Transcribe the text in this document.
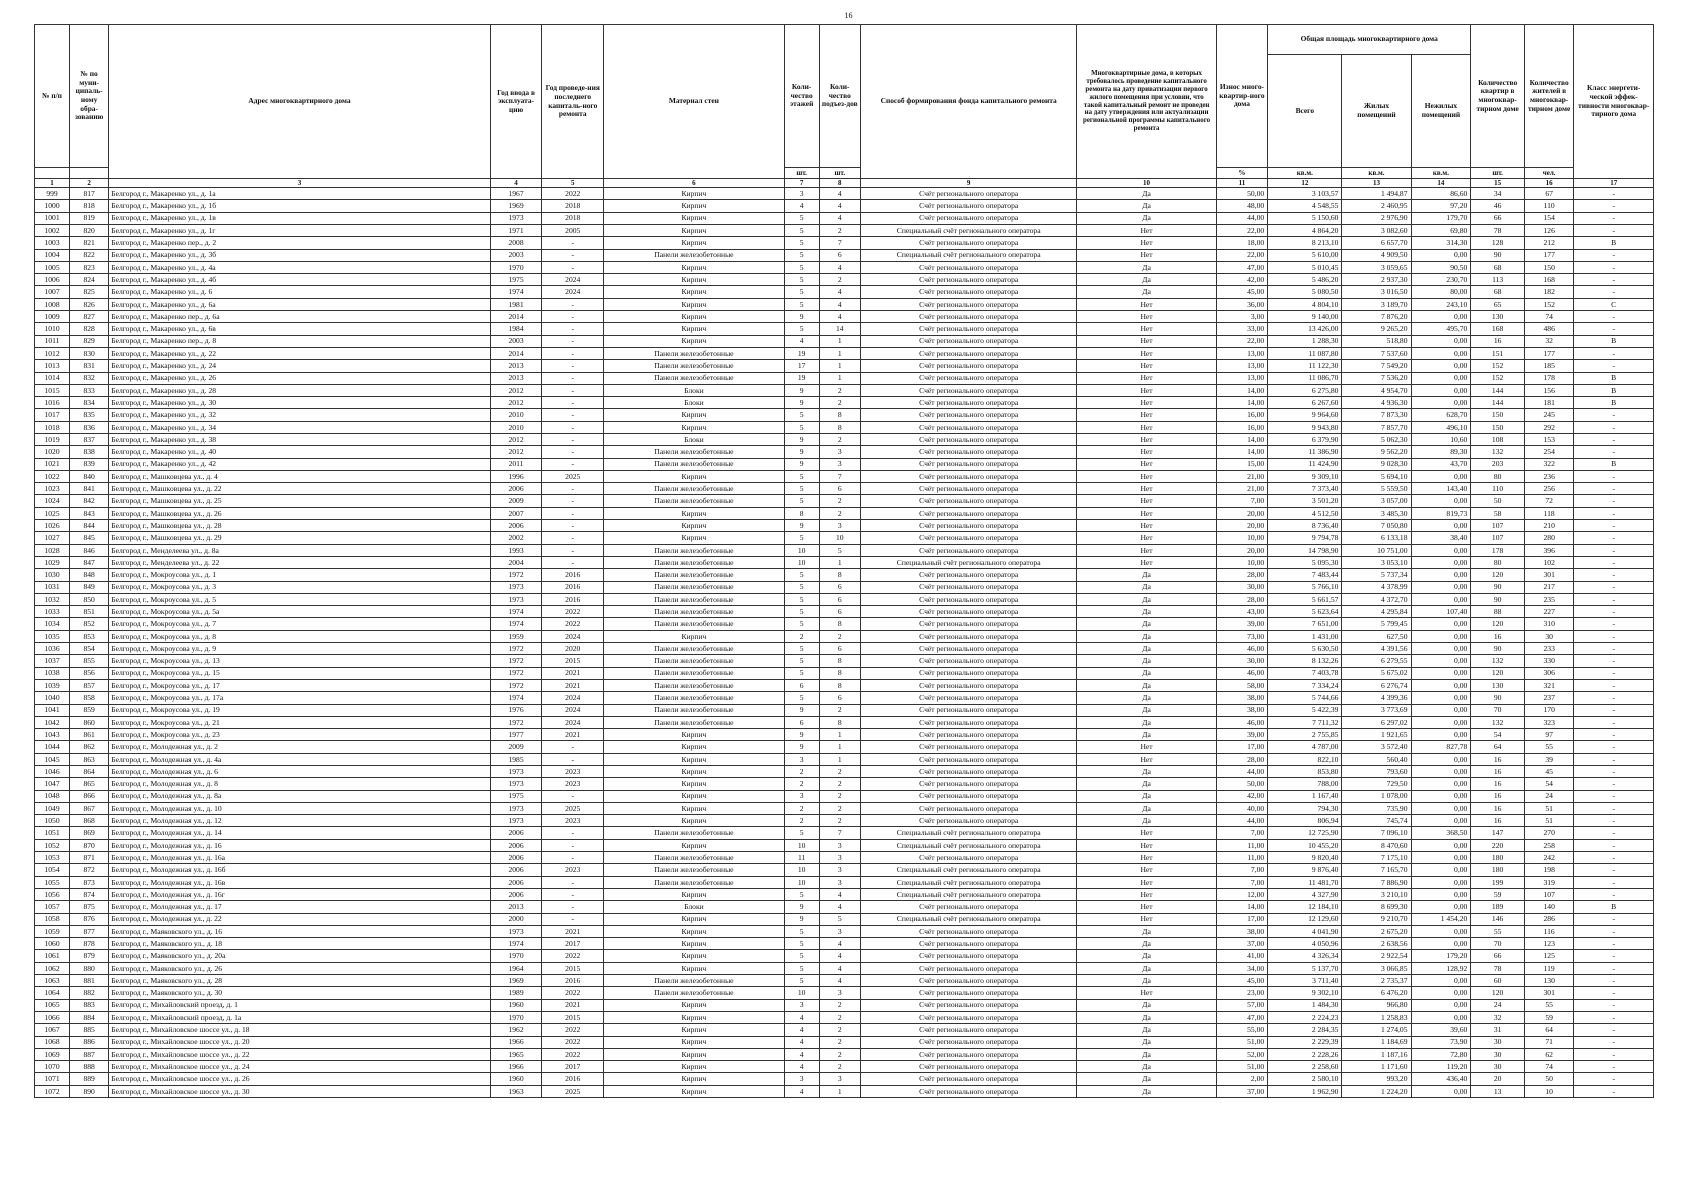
16
№ п/п	№ по муни-ципаль-ному обра-зованию	Адрес многоквартирного дома	Год ввода в эксплуата-цию	Год проведе-ния последнего капиталь-ного ремонта	Материал стен	Коли-чество этажей	Коли-чество подъез-дов	Способ формирования фонда капитального ремонта	Многоквартирные дома, в которых требовалось проведение капитального ремонта на дату приватизации первого жилого помещения при условии, что такой капитальный ремонт не проведен на дату утверждения или актуализации региональной программы капитального ремонта	Износ много-квартир-ного дома	Общая площадь многоквартирного дома			Количество квартир в многоквар-тирном доме	Количество жителей в многоквар-тирном доме	Класс энергети-ческой эффек-тивности многоквар-тирного дома
											Всего	Жилых помещений	Нежилых помещений			
						шт.	шт.			%	кв.м.	кв.м.	кв.м.	шт.	чел.	
1	2	3	4	5	6	7	8	9	10	11	12	13	14	15	16	17
999	817	Белгород г., Макаренко ул., д. 1а	1967	2022	Кирпич	3	4	Счёт регионального оператора	Да	50,00	3 103,57	1 494,87	86,60	34	67	-
1000	818	Белгород г., Макаренко ул., д. 1б	1969	2018	Кирпич	4	4	Счёт регионального оператора	Да	48,00	4 548,55	2 460,95	97,20	46	110	-
1001	819	Белгород г., Макаренко ул., д. 1в	1973	2018	Кирпич	5	4	Счёт регионального оператора	Да	44,00	5 150,60	2 976,90	179,70	66	154	-
1002	820	Белгород г., Макаренко ул., д. 1г	1971	2005	Кирпич	5	2	Специальный счёт регионального оператора	Нет	22,00	4 864,20	3 082,60	69,80	78	126	-
1003	821	Белгород г., Макаренко пер., д. 2	2008	-	Кирпич	5	7	Счёт регионального оператора	Нет	18,00	8 213,10	6 657,70	314,30	128	212	B
1004	822	Белгород г., Макаренко ул., д. 3б	2003	-	Панели железобетонные	5	6	Специальный счёт регионального оператора	Нет	22,00	5 610,00	4 909,50	0,00	90	177	-
1005	823	Белгород г., Макаренко ул., д. 4а	1970	-	Кирпич	5	4	Счёт регионального оператора	Да	47,00	5 010,45	3 059,65	90,50	68	150	-
1006	824	Белгород г., Макаренко ул., д. 4б	1975	2024	Кирпич	5	2	Счёт регионального оператора	Да	42,00	5 486,20	2 937,30	230,70	113	168	-
1007	825	Белгород г., Макаренко ул., д. 6	1974	2024	Кирпич	5	4	Счёт регионального оператора	Да	45,00	5 080,50	3 016,50	80,00	68	182	-
1008	826	Белгород г., Макаренко ул., д. 6а	1981	-	Кирпич	5	4	Счёт регионального оператора	Нет	36,00	4 804,10	3 189,70	243,10	65	152	С
1009	827	Белгород г., Макаренко пер., д. 6а	2014	-	Кирпич	9	4	Счёт регионального оператора	Нет	3,00	9 140,00	7 876,20	0,00	130	74	-
1010	828	Белгород г., Макаренко ул., д. 6в	1984	-	Кирпич	5	14	Счёт регионального оператора	Нет	33,00	13 426,00	9 265,20	495,70	168	486	-
1011	829	Белгород г., Макаренко пер., д. 8	2003	-	Кирпич	4	1	Счёт регионального оператора	Нет	22,00	1 288,30	518,80	0,00	16	32	B
1012	830	Белгород г., Макаренко ул., д. 22	2014	-	Панели железобетонные	19	1	Счёт регионального оператора	Нет	13,00	11 087,80	7 537,60	0,00	151	177	-
1013	831	Белгород г., Макаренко ул., д. 24	2013	-	Панели железобетонные	17	1	Счёт регионального оператора	Нет	13,00	11 122,30	7 549,20	0,00	152	185	-
1014	832	Белгород г., Макаренко ул., д. 26	2013	-	Панели железобетонные	19	1	Счёт регионального оператора	Нет	13,00	11 086,70	7 536,20	0,00	152	178	B
1015	833	Белгород г., Макаренко ул., д. 28	2012	-	Блоки	9	2	Счёт регионального оператора	Нет	14,00	6 275,80	4 954,70	0,00	144	156	B
1016	834	Белгород г., Макаренко ул., д. 30	2012	-	Блоки	9	2	Счёт регионального оператора	Нет	14,00	6 267,60	4 936,30	0,00	144	181	B
1017	835	Белгород г., Макаренко ул., д. 32	2010	-	Кирпич	5	8	Счёт регионального оператора	Нет	16,00	9 964,60	7 873,30	628,70	150	245	-
1018	836	Белгород г., Макаренко ул., д. 34	2010	-	Кирпич	5	8	Счёт регионального оператора	Нет	16,00	9 943,80	7 857,70	496,10	150	292	-
1019	837	Белгород г., Макаренко ул., д. 38	2012	-	Блоки	9	2	Счёт регионального оператора	Нет	14,00	6 379,90	5 062,30	10,60	108	153	-
1020	838	Белгород г., Макаренко ул., д. 40	2012	-	Панели железобетонные	9	3	Счёт регионального оператора	Нет	14,00	11 386,90	9 562,20	89,30	132	254	-
1021	839	Белгород г., Макаренко ул., д. 42	2011	-	Панели железобетонные	9	3	Счёт регионального оператора	Нет	15,00	11 424,90	9 028,30	43,70	203	322	B
1022	840	Белгород г., Машковцева ул., д. 4	1996	2025	Кирпич	5	7	Счёт регионального оператора	Нет	21,00	9 309,10	5 694,10	0,00	80	236	-
1023	841	Белгород г., Машковцева ул., д. 22	2006	-	Панели железобетонные	5	6	Счёт регионального оператора	Нет	21,00	7 373,40	5 559,50	143,40	110	256	-
1024	842	Белгород г., Машковцева ул., д. 25	2009	-	Панели железобетонные	5	2	Счёт регионального оператора	Нет	7,00	3 501,20	3 057,00	0,00	50	72	-
1025	843	Белгород г., Машковцева ул., д. 26	2007	-	Кирпич	8	2	Счёт регионального оператора	Нет	20,00	4 512,50	3 485,30	819,73	58	118	-
1026	844	Белгород г., Машковцева ул., д. 28	2006	-	Кирпич	9	3	Счёт регионального оператора	Нет	20,00	8 736,40	7 050,80	0,00	107	210	-
1027	845	Белгород г., Машковцева ул., д. 29	2002	-	Кирпич	5	10	Счёт регионального оператора	Нет	10,00	9 794,78	6 133,18	38,40	107	280	-
1028	846	Белгород г., Менделеева ул., д. 8а	1993	-	Панели железобетонные	10	5	Счёт регионального оператора	Нет	20,00	14 798,90	10 751,00	0,00	178	396	-
1029	847	Белгород г., Менделеева ул., д. 22	2004	-	Панели железобетонные	10	1	Специальный счёт регионального оператора	Нет	10,00	5 095,30	3 053,10	0,00	80	102	-
1030	848	Белгород г., Мокроусова ул., д. 1	1972	2016	Панели железобетонные	5	8	Счёт регионального оператора	Да	28,00	7 483,44	5 737,34	0,00	120	301	-
1031	849	Белгород г., Мокроусова ул., д. 3	1973	2016	Панели железобетонные	5	6	Счёт регионального оператора	Да	30,00	5 766,10	4 378,99	0,00	90	217	-
1032	850	Белгород г., Мокроусова ул., д. 5	1973	2016	Панели железобетонные	5	6	Счёт регионального оператора	Да	28,00	5 661,57	4 372,70	0,00	90	235	-
1033	851	Белгород г., Мокроусова ул., д. 5а	1974	2022	Панели железобетонные	5	6	Счёт регионального оператора	Да	43,00	5 623,64	4 295,84	107,40	88	227	-
1034	852	Белгород г., Мокроусова ул., д. 7	1974	2022	Панели железобетонные	5	8	Счёт регионального оператора	Да	39,00	7 651,00	5 799,45	0,00	120	310	-
1035	853	Белгород г., Мокроусова ул., д. 8	1959	2024	Кирпич	2	2	Счёт регионального оператора	Да	73,00	1 431,00	627,50	0,00	16	30	-
1036	854	Белгород г., Мокроусова ул., д. 9	1972	2020	Панели железобетонные	5	6	Счёт регионального оператора	Да	46,00	5 630,50	4 391,56	0,00	90	233	-
1037	855	Белгород г., Мокроусова ул., д. 13	1972	2015	Панели железобетонные	5	8	Счёт регионального оператора	Да	30,00	8 132,26	6 279,55	0,00	132	330	-
1038	856	Белгород г., Мокроусова ул., д. 15	1972	2021	Панели железобетонные	5	8	Счёт регионального оператора	Да	46,00	7 403,78	5 675,02	0,00	120	306	-
1039	857	Белгород г., Мокроусова ул., д. 17	1972	2021	Панели железобетонные	6	8	Счёт регионального оператора	Да	58,00	7 334,24	6 276,74	0,00	130	321	-
1040	858	Белгород г., Мокроусова ул., д. 17а	1974	2024	Панели железобетонные	5	6	Счёт регионального оператора	Да	38,00	5 744,66	4 399,36	0,00	90	237	-
1041	859	Белгород г., Мокроусова ул., д. 19	1976	2024	Панели железобетонные	9	2	Счёт регионального оператора	Да	38,00	5 422,39	3 773,69	0,00	70	170	-
1042	860	Белгород г., Мокроусова ул., д. 21	1972	2024	Панели железобетонные	6	8	Счёт регионального оператора	Да	46,00	7 711,32	6 297,02	0,00	132	323	-
1043	861	Белгород г., Мокроусова ул., д. 23	1977	2021	Кирпич	9	1	Счёт регионального оператора	Да	39,00	2 755,85	1 921,65	0,00	54	97	-
1044	862	Белгород г., Молодежная ул., д. 2	2009	-	Кирпич	9	1	Счёт регионального оператора	Нет	17,00	4 787,00	3 572,40	827,78	64	55	-
1045	863	Белгород г., Молодежная ул., д. 4а	1985	-	Кирпич	3	1	Счёт регионального оператора	Нет	28,00	822,10	560,40	0,00	16	39	-
1046	864	Белгород г., Молодежная ул., д. 6	1973	2023	Кирпич	2	2	Счёт регионального оператора	Да	44,00	853,80	793,60	0,00	16	45	-
1047	865	Белгород г., Молодежная ул., д. 8	1973	2023	Кирпич	2	2	Счёт регионального оператора	Да	50,00	788,00	729,50	0,00	16	54	-
1048	866	Белгород г., Молодежная ул., д. 8а	1975	-	Кирпич	3	2	Счёт регионального оператора	Да	42,00	1 167,40	1 078,00	0,00	16	24	-
1049	867	Белгород г., Молодежная ул., д. 10	1973	2025	Кирпич	2	2	Счёт регионального оператора	Да	40,00	794,30	735,90	0,00	16	51	-
1050	868	Белгород г., Молодежная ул., д. 12	1973	2023	Кирпич	2	2	Счёт регионального оператора	Да	44,00	806,94	745,74	0,00	16	51	-
1051	869	Белгород г., Молодежная ул., д. 14	2006	-	Панели железобетонные	5	7	Специальный счёт регионального оператора	Нет	7,00	12 725,90	7 096,10	368,50	147	270	-
1052	870	Белгород г., Молодежная ул., д. 16	2006	-	Кирпич	10	3	Специальный счёт регионального оператора	Нет	11,00	10 455,20	8 470,60	0,00	220	258	-
1053	871	Белгород г., Молодежная ул., д. 16а	2006	-	Панели железобетонные	11	3	Счёт регионального оператора	Нет	11,00	9 820,40	7 175,10	0,00	180	242	-
1054	872	Белгород г., Молодежная ул., д. 16б	2006	2023	Панели железобетонные	10	3	Специальный счёт регионального оператора	Нет	7,00	9 876,40	7 165,70	0,00	180	198	-
1055	873	Белгород г., Молодежная ул., д. 16в	2006	-	Панели железобетонные	10	3	Специальный счёт регионального оператора	Нет	7,00	11 481,70	7 886,90	0,00	199	319	-
1056	874	Белгород г., Молодежная ул., д. 16г	2006	-	Кирпич	5	4	Специальный счёт регионального оператора	Нет	12,00	4 327,90	3 210,10	0,00	59	107	-
1057	875	Белгород г., Молодежная ул., д. 17	2013	-	Блоки	9	4	Счёт регионального оператора	Нет	14,00	12 184,10	8 699,30	0,00	189	140	B
1058	876	Белгород г., Молодежная ул., д. 22	2000	-	Кирпич	9	5	Специальный счёт регионального оператора	Нет	17,00	12 129,60	9 210,70	1 454,20	146	286	-
1059	877	Белгород г., Маяковского ул., д. 16	1973	2021	Кирпич	5	3	Счёт регионального оператора	Да	38,00	4 041,90	2 675,20	0,00	55	116	-
1060	878	Белгород г., Маяковского ул., д. 18	1974	2017	Кирпич	5	4	Счёт регионального оператора	Да	37,00	4 050,96	2 638,56	0,00	70	123	-
1061	879	Белгород г., Маяковского ул., д. 20а	1970	2022	Кирпич	5	4	Счёт регионального оператора	Да	41,00	4 326,34	2 922,54	179,20	66	125	-
1062	880	Белгород г., Маяковского ул., д. 26	1964	2015	Кирпич	5	4	Счёт регионального оператора	Да	34,00	5 137,70	3 066,85	128,92	78	119	-
1063	881	Белгород г., Маяковского ул., д. 28	1969	2016	Панели железобетонные	5	4	Счёт регионального оператора	Да	45,00	3 711,40	2 735,37	0,00	60	130	-
1064	882	Белгород г., Маяковского ул., д. 30	1989	2022	Панели железобетонные	10	3	Счёт регионального оператора	Нет	23,00	9 302,10	6 476,20	0,00	120	301	-
1065	883	Белгород г., Михайловский проезд, д. 1	1960	2021	Кирпич	3	2	Счёт регионального оператора	Да	57,00	1 484,30	966,80	0,00	24	55	-
1066	884	Белгород г., Михайловский проезд, д. 1а	1970	2015	Кирпич	4	2	Счёт регионального оператора	Да	47,00	2 224,23	1 258,83	0,00	32	59	-
1067	885	Белгород г., Михайловское шоссе ул., д. 18	1962	2022	Кирпич	4	2	Счёт регионального оператора	Да	55,00	2 284,35	1 274,05	39,60	31	64	-
1068	886	Белгород г., Михайловское шоссе ул., д. 20	1966	2022	Кирпич	4	2	Счёт регионального оператора	Да	51,00	2 229,39	1 184,69	73,90	30	71	-
1069	887	Белгород г., Михайловское шоссе ул., д. 22	1965	2022	Кирпич	4	2	Счёт регионального оператора	Да	52,00	2 228,26	1 187,16	72,80	30	62	-
1070	888	Белгород г., Михайловское шоссе ул., д. 24	1966	2017	Кирпич	4	2	Счёт регионального оператора	Да	51,00	2 258,60	1 171,60	119,20	30	74	-
1071	889	Белгород г., Михайловское шоссе ул., д. 26	1960	2016	Кирпич	3	3	Счёт регионального оператора	Да	2,00	2 580,10	993,20	436,40	20	50	-
1072	890	Белгород г., Михайловское шоссе ул., д. 30	1963	2025	Кирпич	4	1	Счёт регионального оператора	Да	37,00	1 962,90	1 224,20	0,00	13	10	-
